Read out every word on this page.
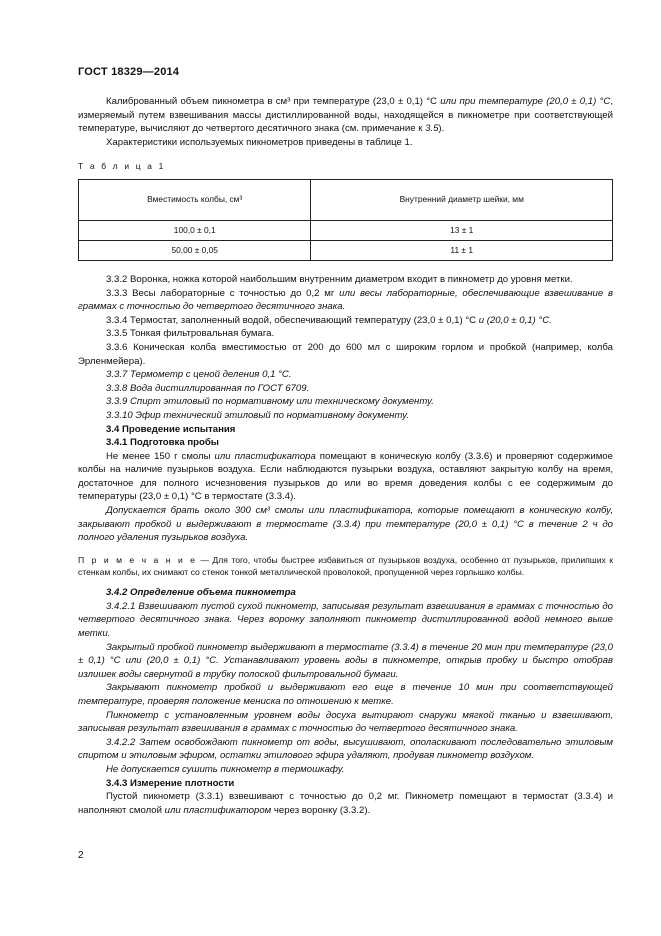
ГОСТ 18329—2014

Калиброванный объем пикнометра в см³ при температуре (23,0 ± 0,1) °С или при температуре (20,0 ± 0,1) °С, измеряемый путем взвешивания массы дистиллированной воды, находящейся в пикнометре при соответствующей температуре, вычисляют до четвертого десятичного знака (см. примечание к 3.5).

Характеристики используемых пикнометров приведены в таблице 1.

Т а б л и ц а 1
Вместимость колбы, см³	Внутренний диаметр шейки, мм
100,0 ± 0,1	13 ± 1
50,00 ± 0,05	11 ± 1

3.3.2 Воронка, ножка которой наибольшим внутренним диаметром входит в пикнометр до уровня метки.

3.3.3 Весы лабораторные с точностью до 0,2 мг или весы лабораторные, обеспечивающие взвешивание в граммах с точностью до четвертого десятичного знака.

3.3.4 Термостат, заполненный водой, обеспечивающий температуру (23,0 ± 0,1) °С и (20,0 ± 0,1) °С.

3.3.5 Тонкая фильтровальная бумага.

3.3.6 Коническая колба вместимостью от 200 до 600 мл с широким горлом и пробкой (например, колба Эрленмейера).

3.3.7 Термометр с ценой деления 0,1 °С.

3.3.8 Вода дистиллированная по ГОСТ 6709.

3.3.9 Спирт этиловый по нормативному или техническому документу.

3.3.10 Эфир технический этиловый по нормативному документу.

3.4 Проведение испытания

3.4.1 Подготовка пробы

Не менее 150 г смолы или пластификатора помещают в коническую колбу (3.3.6) и проверяют содержимое колбы на наличие пузырьков воздуха. Если наблюдаются пузырьки воздуха, оставляют закрытую колбу на время, достаточное для полного исчезновения пузырьков до или во время доведения колбы с ее содержимым до температуры (23,0 ± 0,1) °С в термостате (3.3.4).

Допускается брать около 300 см³ смолы или пластификатора, которые помещают в коническую колбу, закрывают пробкой и выдерживают в термостате (3.3.4) при температуре (20,0 ± 0,1) °С в течение 2 ч до полного удаления пузырьков воздуха.

П р и м е ч а н и е — Для того, чтобы быстрее избавиться от пузырьков воздуха, особенно от пузырьков, прилипших к стенкам колбы, их снимают со стенок тонкой металлической проволокой, пропущенной через горлышко колбы.

3.4.2 Определение объема пикнометра

3.4.2.1 Взвешивают пустой сухой пикнометр, записывая результат взвешивания в граммах с точностью до четвертого десятичного знака. Через воронку заполняют пикнометр дистиллированной водой немного выше метки.

Закрытый пробкой пикнометр выдерживают в термостате (3.3.4) в течение 20 мин при температуре (23,0 ± 0,1) °С или (20,0 ± 0,1) °С. Устанавливают уровень воды в пикнометре, открыв пробку и быстро отобрав излишек воды свернутой в трубку полоской фильтровальной бумаги.

Закрывают пикнометр пробкой и выдерживают его еще в течение 10 мин при соответствующей температуре, проверяя положение мениска по отношению к метке.

Пикнометр с установленным уровнем воды досуха вытирают снаружи мягкой тканью и взвешивают, записывая результат взвешивания в граммах с точностью до четвертого десятичного знака.

3.4.2.2 Затем освобождают пикнометр от воды, высушивают, ополаскивают последовательно этиловым спиртом и этиловым эфиром, остатки этилового эфира удаляют, продувая пикнометр воздухом.

Не допускается сушить пикнометр в термошкафу.

3.4.3 Измерение плотности

Пустой пикнометр (3.3.1) взвешивают с точностью до 0,2 мг. Пикнометр помещают в термостат (3.3.4) и наполняют смолой или пластификатором через воронку (3.3.2).

2
